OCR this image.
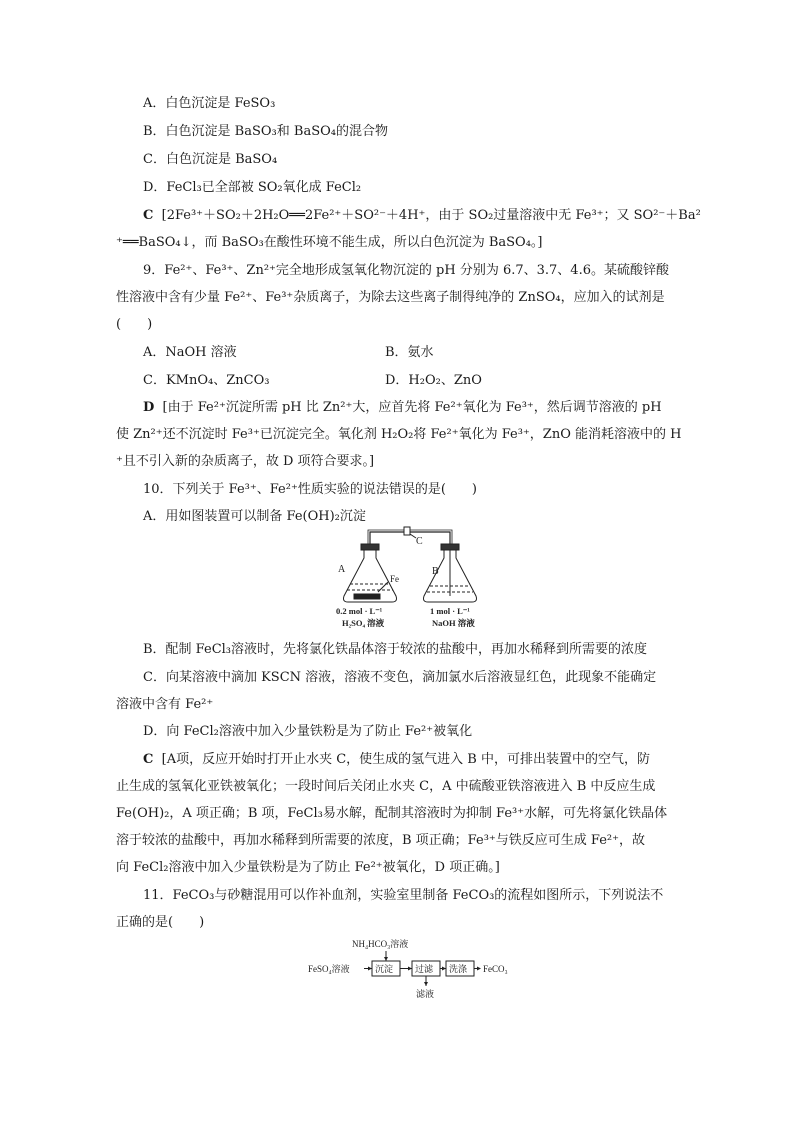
A．白色沉淀是 FeSO₃
B．白色沉淀是 BaSO₃和 BaSO₄的混合物
C．白色沉淀是 BaSO₄
D．FeCl₃已全部被 SO₂氧化成 FeCl₂
C [2Fe³⁺＋SO₂＋2H₂O══2Fe²⁺＋SO²⁻＋4H⁺，由于 SO₂过量溶液中无 Fe³⁺；又 SO²⁻＋Ba²
⁺══BaSO₄↓，而 BaSO₃在酸性环境不能生成，所以白色沉淀为 BaSO₄。]
9．Fe²⁺、Fe³⁺、Zn²⁺完全地形成氢氧化物沉淀的 pH 分别为 6.7、3.7、4.6。某硫酸锌酸
性溶液中含有少量 Fe²⁺、Fe³⁺杂质离子，为除去这些离子制得纯净的 ZnSO₄，应加入的试剂是
(　　)
A．NaOH 溶液	B．氨水
C．KMnO₄、ZnCO₃	D．H₂O₂、ZnO
D [由于 Fe²⁺沉淀所需 pH 比 Zn²⁺大，应首先将 Fe²⁺氧化为 Fe³⁺，然后调节溶液的 pH
使 Zn²⁺还不沉淀时 Fe³⁺已沉淀完全。氧化剂 H₂O₂将 Fe²⁺氧化为 Fe³⁺，ZnO 能消耗溶液中的 H
⁺且不引入新的杂质离子，故 D 项符合要求。]
10．下列关于 Fe³⁺、Fe²⁺性质实验的说法错误的是(　　)
A．用如图装置可以制备 Fe(OH)₂沉淀
A	B
C
Fe
0.2 mol · L⁻¹
H₂SO₄ 溶液
1 mol · L⁻¹
NaOH 溶液
B．配制 FeCl₃溶液时，先将氯化铁晶体溶于较浓的盐酸中，再加水稀释到所需要的浓度
C．向某溶液中滴加 KSCN 溶液，溶液不变色，滴加氯水后溶液显红色，此现象不能确定
溶液中含有 Fe²⁺
D．向 FeCl₂溶液中加入少量铁粉是为了防止 Fe²⁺被氧化
C [A项，反应开始时打开止水夹 C，使生成的氢气进入 B 中，可排出装置中的空气，防
止生成的氢氧化亚铁被氧化；一段时间后关闭止水夹 C，A 中硫酸亚铁溶液进入 B 中反应生成
Fe(OH)₂，A 项正确；B 项，FeCl₃易水解，配制其溶液时为抑制 Fe³⁺水解，可先将氯化铁晶体
溶于较浓的盐酸中，再加水稀释到所需要的浓度，B 项正确；Fe³⁺与铁反应可生成 Fe²⁺，故
向 FeCl₂溶液中加入少量铁粉是为了防止 Fe²⁺被氧化，D 项正确。]
11．FeCO₃与砂糖混用可以作补血剂，实验室里制备 FeCO₃的流程如图所示，下列说法不
正确的是(　　)
NH₄HCO₃溶液
FeSO₄溶液	沉淀 过滤 洗涤 FeCO₃
滤液
